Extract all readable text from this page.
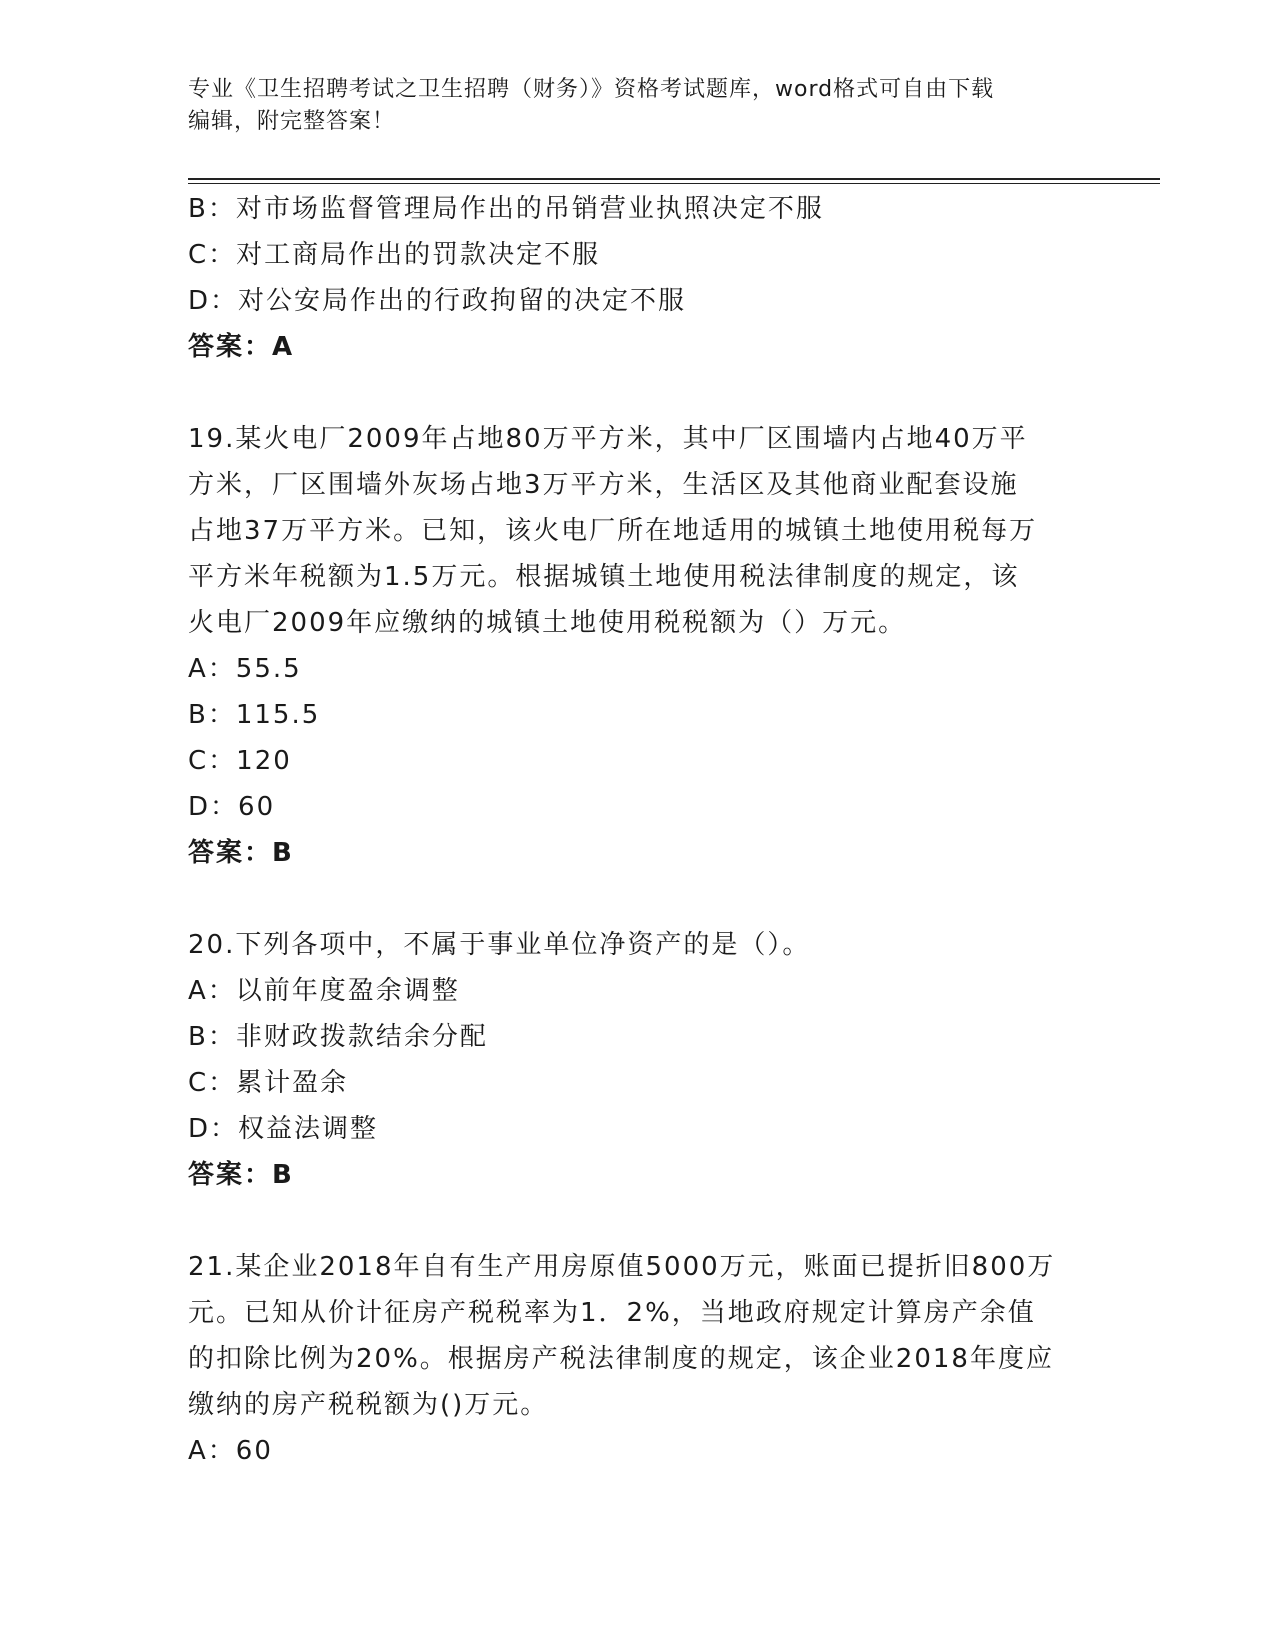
专业《卫生招聘考试之卫生招聘（财务）》资格考试题库，word格式可自由下载
编辑，附完整答案！
B：对市场监督管理局作出的吊销营业执照决定不服
C：对工商局作出的罚款决定不服
D：对公安局作出的行政拘留的决定不服
答案：A
19.某火电厂2009年占地80万平方米，其中厂区围墙内占地40万平
方米，厂区围墙外灰场占地3万平方米，生活区及其他商业配套设施
占地37万平方米。已知，该火电厂所在地适用的城镇土地使用税每万
平方米年税额为1.5万元。根据城镇土地使用税法律制度的规定，该
火电厂2009年应缴纳的城镇土地使用税税额为（）万元。
A：55.5
B：115.5
C：120
D：60
答案：B
20.下列各项中，不属于事业单位净资产的是（）。
A：以前年度盈余调整
B：非财政拨款结余分配
C：累计盈余
D：权益法调整
答案：B
21.某企业2018年自有生产用房原值5000万元，账面已提折旧800万
元。已知从价计征房产税税率为1．2%，当地政府规定计算房产余值
的扣除比例为20%。根据房产税法律制度的规定，该企业2018年度应
缴纳的房产税税额为()万元。
A：60
